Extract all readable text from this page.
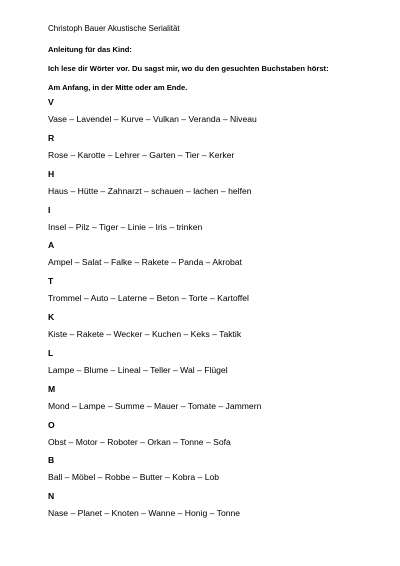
Christoph Bauer Akustische Serialität
Anleitung für das Kind:
Ich lese dir Wörter vor. Du sagst mir, wo du den gesuchten Buchstaben hörst:
Am Anfang, in der Mitte oder am Ende.
V
Vase – Lavendel – Kurve – Vulkan – Veranda – Niveau
R
Rose – Karotte – Lehrer – Garten – Tier – Kerker
H
Haus – Hütte – Zahnarzt – schauen – lachen – helfen
I
Insel – Pilz – Tiger – Linie – Iris – trinken
A
Ampel – Salat – Falke – Rakete – Panda – Akrobat
T
Trommel – Auto – Laterne – Beton – Torte – Kartoffel
K
Kiste – Rakete – Wecker – Kuchen – Keks – Taktik
L
Lampe – Blume – Lineal – Teller – Wal – Flügel
M
Mond – Lampe – Summe – Mauer – Tomate – Jammern
O
Obst – Motor – Roboter – Orkan – Tonne – Sofa
B
Ball – Möbel – Robbe – Butter – Kobra – Lob
N
Nase – Planet – Knoten – Wanne – Honig – Tonne
